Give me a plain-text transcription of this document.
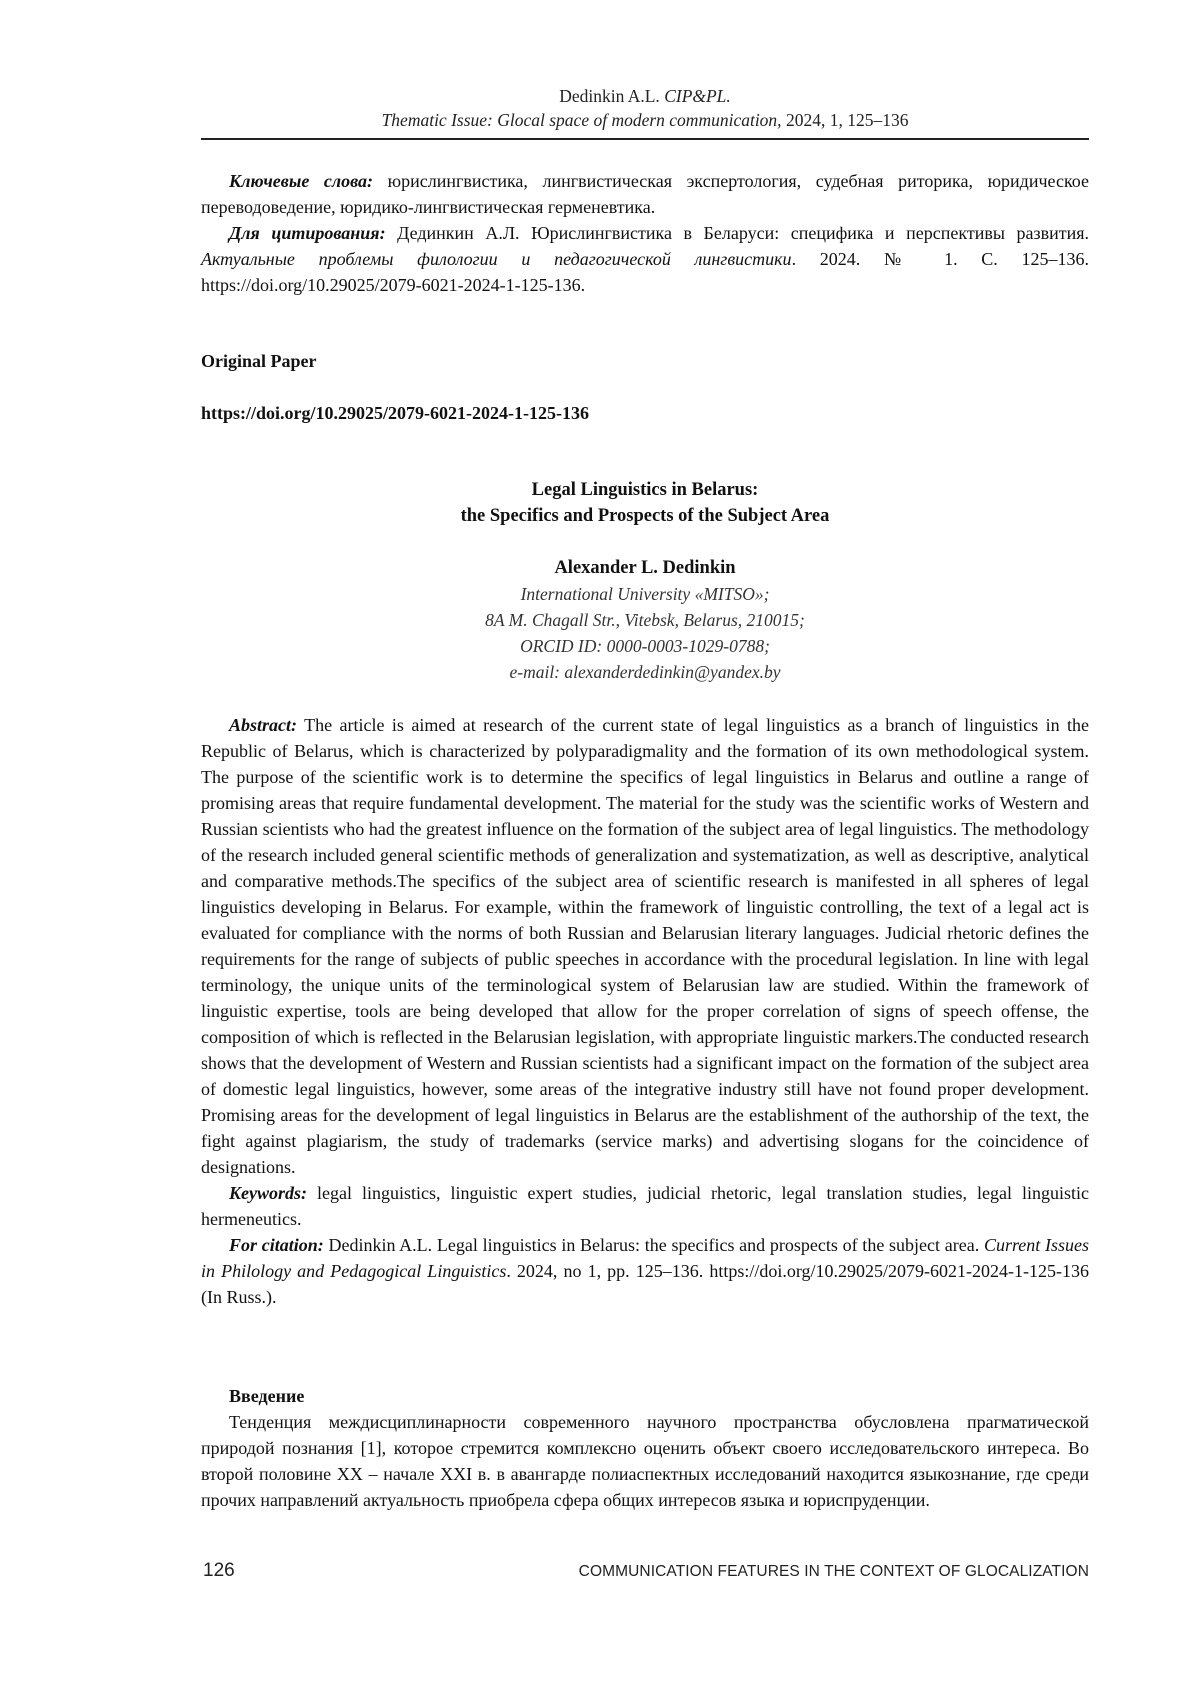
Dedinkin A.L. CIP&PL.
Thematic Issue: Glocal space of modern communication, 2024, 1, 125–136

Ключевые слова: юрислингвистика, лингвистическая экспертология, судебная риторика, юридическое переводоведение, юридико-лингвистическая герменевтика.

Для цитирования: Дединкин А.Л. Юрислингвистика в Беларуси: специфика и перспективы развития. Актуальные проблемы филологии и педагогической лингвистики. 2024. № 1. С. 125–136. https://doi.org/10.29025/2079-6021-2024-1-125-136.

Original Paper
https://doi.org/10.29025/2079-6021-2024-1-125-136
Legal Linguistics in Belarus:
the Specifics and Prospects of the Subject Area
Alexander L. Dedinkin
International University «MITSO»;
8A M. Chagall Str., Vitebsk, Belarus, 210015;
ORCID ID: 0000-0003-1029-0788;
e-mail: alexanderdedinkin@yandex.by

Abstract: The article is aimed at research of the current state of legal linguistics as a branch of linguistics in the Republic of Belarus, which is characterized by polyparadigmality and the formation of its own methodological system. The purpose of the scientific work is to determine the specifics of legal linguistics in Belarus and outline a range of promising areas that require fundamental development. The material for the study was the scientific works of Western and Russian scientists who had the greatest influence on the formation of the subject area of legal linguistics. The methodology of the research included general scientific methods of generalization and systematization, as well as descriptive, analytical and comparative methods.The specifics of the subject area of scientific research is manifested in all spheres of legal linguistics developing in Belarus. For example, within the framework of linguistic controlling, the text of a legal act is evaluated for compliance with the norms of both Russian and Belarusian literary languages. Judicial rhetoric defines the requirements for the range of subjects of public speeches in accordance with the procedural legislation. In line with legal terminology, the unique units of the terminological system of Belarusian law are studied. Within the framework of linguistic expertise, tools are being developed that allow for the proper correlation of signs of speech offense, the composition of which is reflected in the Belarusian legislation, with appropriate linguistic markers.The conducted research shows that the development of Western and Russian scientists had a significant impact on the formation of the subject area of domestic legal linguistics, however, some areas of the integrative industry still have not found proper development. Promising areas for the development of legal linguistics in Belarus are the establishment of the authorship of the text, the fight against plagiarism, the study of trademarks (service marks) and advertising slogans for the coincidence of designations.

Keywords: legal linguistics, linguistic expert studies, judicial rhetoric, legal translation studies, legal linguistic hermeneutics.

For citation: Dedinkin A.L. Legal linguistics in Belarus: the specifics and prospects of the subject area. Current Issues in Philology and Pedagogical Linguistics. 2024, no 1, pp. 125–136. https://doi.org/10.29025/2079-6021-2024-1-125-136 (In Russ.).

Введение

Тенденция междисциплинарности современного научного пространства обусловлена прагматической природой познания [1], которое стремится комплексно оценить объект своего исследовательского интереса. Во второй половине XX – начале XXI в. в авангарде полиаспектных исследований находится языкознание, где среди прочих направлений актуальность приобрела сфера общих интересов языка и юриспруденции.

126	COMMUNICATION FEATURES IN THE CONTEXT OF GLOCALIZATION
